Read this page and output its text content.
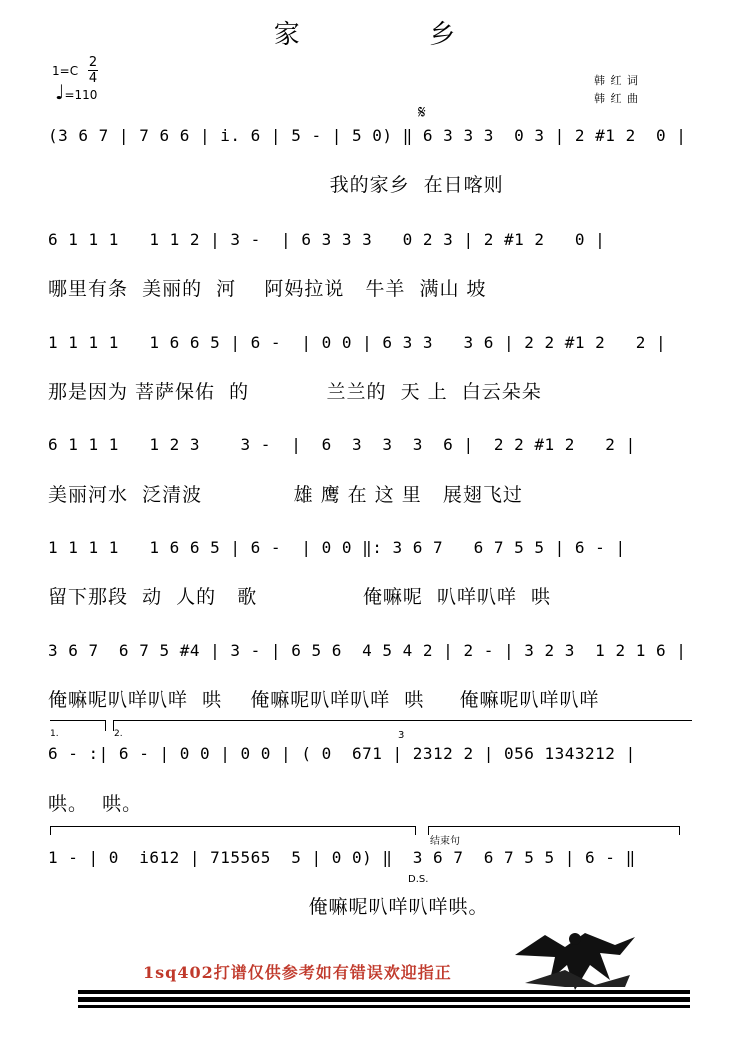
家	乡
1=C
2
4
♩=110
韩 红 词
韩 红 曲
𝄋
(3 6 7 | 7 6 6 | i. 6 | 5 - | 5 0) ‖ 6 3 3 3  0 3 | 2 #1 2  0 |
我的家乡  在日喀则
6 1 1 1   1 1 2 | 3 -  | 6 3 3 3   0 2 3 | 2 #1 2   0 |
哪里有条  美丽的  河    阿妈拉说   牛羊  满山 坡
1 1 1 1   1 6 6 5 | 6 -  | 0 0 | 6 3 3   3 6 | 2 2 #1 2   2 |
那是因为 菩萨保佑  的           兰兰的  天 上  白云朵朵
6 1 1 1   1 2 3    3 -  |  6  3  3  3  6 |  2 2 #1 2   2 |
美丽河水  泛清波             雄 鹰 在 这 里   展翅飞过
1 1 1 1   1 6 6 5 | 6 -  | 0 0 ‖: 3 6 7   6 7 5 5 | 6 - |
留下那段  动  人的   歌               俺嘛呢  叭咩叭咩  哄
3 6 7  6 7 5 #4 | 3 - | 6 5 6  4 5 4 2 | 2 - | 3 2 3  1 2 1 6 |
俺嘛呢叭咩叭咩  哄    俺嘛呢叭咩叭咩  哄     俺嘛呢叭咩叭咩
1.	2.	3
6 - :| 6 - | 0 0 | 0 0 | ( 0  671 | 2312 2 | 056 1343212 |
哄。  哄。
结束句
1 - | 0  i612 | 715565  5 | 0 0) ‖  3 6 7  6 7 5 5 | 6 - ‖
D.S.
俺嘛呢叭咩叭咩哄。
1sq402打谱仅供参考如有错误欢迎指正
